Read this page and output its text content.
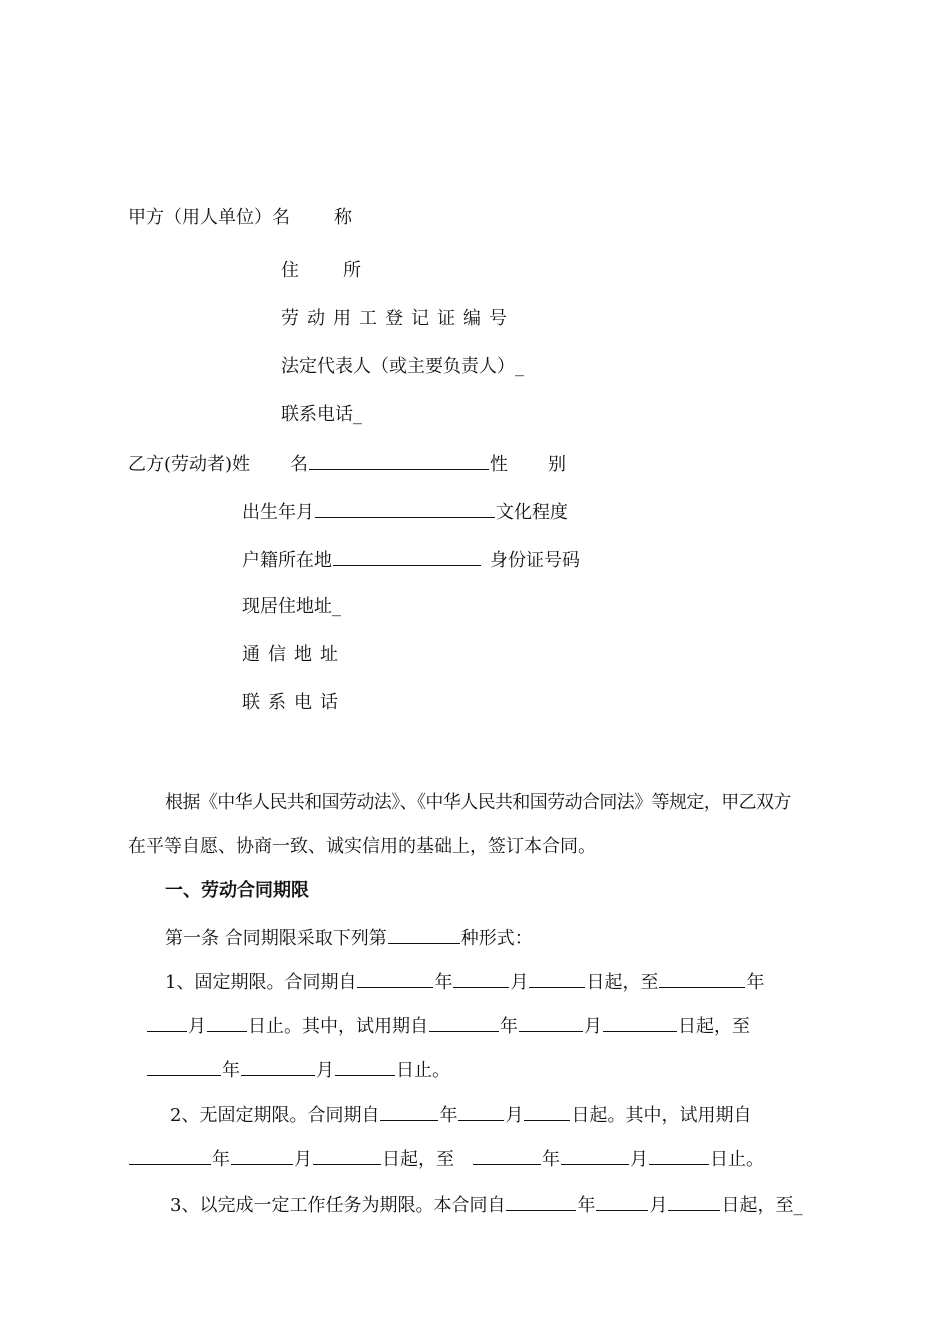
甲方（用人单位）名 称
住 所
劳动用工登记证编号
法定代表人（或主要负责人）_
联系电话_
乙方(劳动者)姓 名	性 别
出生年月	文化程度
户籍所在地	身份证号码
现居住地址_
通信地址
联系电话
根据《中华人民共和国劳动法》、《中华人民共和国劳动合同法》等规定，甲乙双方
在平等自愿、协商一致、诚实信用的基础上，签订本合同。
一、劳动合同期限
第一条 合同期限采取下列第	种形式：
1、固定期限。合同期自	年	月	日起，至	年
月 日止。其中，试用期自	年	月	日起，至
年	月	日止。
2、无固定期限。合同期自	年	月	日起。其中，试用期自
年	月	日起，至	年	月	日止。
3、以完成一定工作任务为期限。本合同自	年	月	日起，至_
